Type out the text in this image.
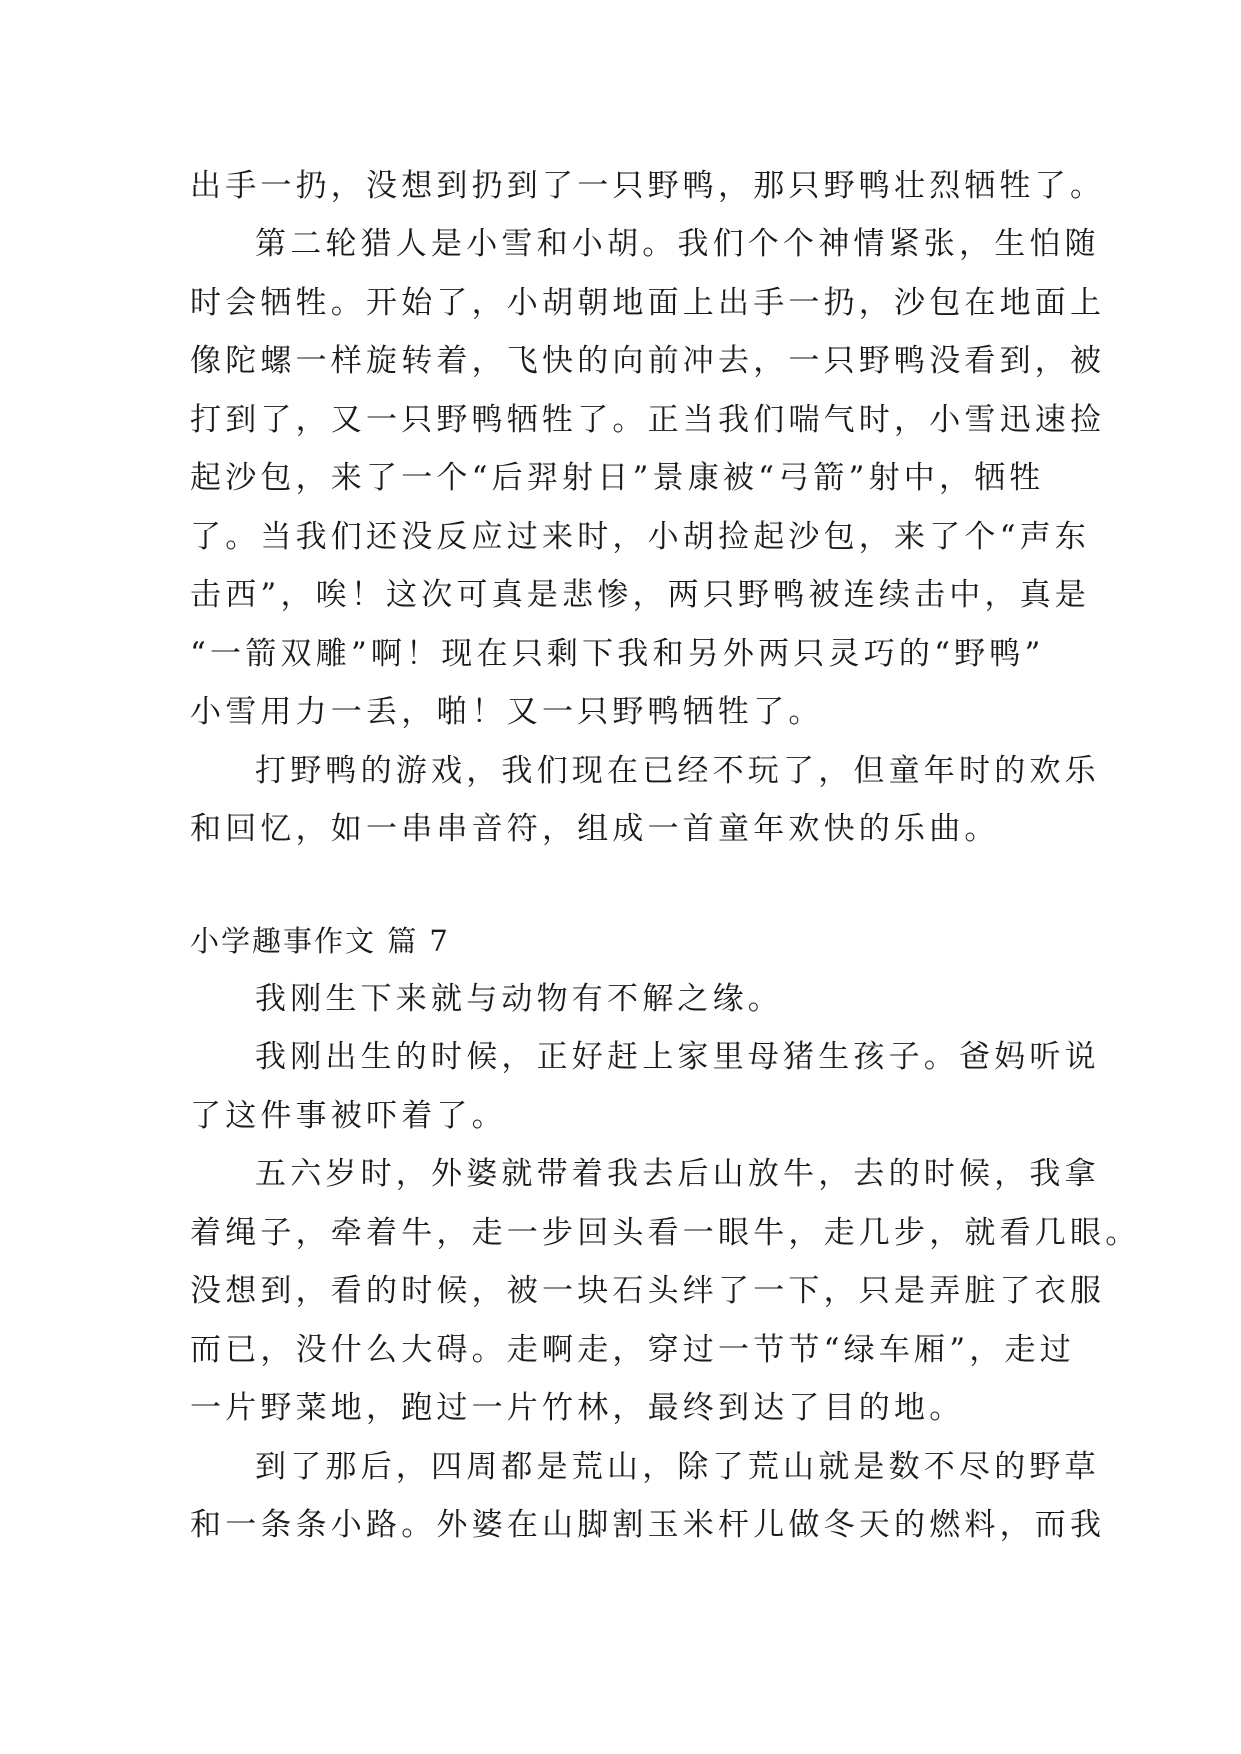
出手一扔，没想到扔到了一只野鸭，那只野鸭壮烈牺牲了。
第二轮猎人是小雪和小胡。我们个个神情紧张，生怕随
时会牺牲。开始了，小胡朝地面上出手一扔，沙包在地面上
像陀螺一样旋转着，飞快的向前冲去，一只野鸭没看到，被
打到了，又一只野鸭牺牲了。正当我们喘气时，小雪迅速捡
起沙包，来了一个“后羿射日”景康被“弓箭”射中，牺牲
了。当我们还没反应过来时，小胡捡起沙包，来了个“声东
击西”，唉！这次可真是悲惨，两只野鸭被连续击中，真是
“一箭双雕”啊！现在只剩下我和另外两只灵巧的“野鸭”
小雪用力一丢，啪！又一只野鸭牺牲了。
打野鸭的游戏，我们现在已经不玩了，但童年时的欢乐
和回忆，如一串串音符，组成一首童年欢快的乐曲。
小学趣事作文 篇 7
我刚生下来就与动物有不解之缘。
我刚出生的时候，正好赶上家里母猪生孩子。爸妈听说
了这件事被吓着了。
五六岁时，外婆就带着我去后山放牛，去的时候，我拿
着绳子，牵着牛，走一步回头看一眼牛，走几步，就看几眼。
没想到，看的时候，被一块石头绊了一下，只是弄脏了衣服
而已，没什么大碍。走啊走，穿过一节节“绿车厢”，走过
一片野菜地，跑过一片竹林，最终到达了目的地。
到了那后，四周都是荒山，除了荒山就是数不尽的野草
和一条条小路。外婆在山脚割玉米杆儿做冬天的燃料，而我
